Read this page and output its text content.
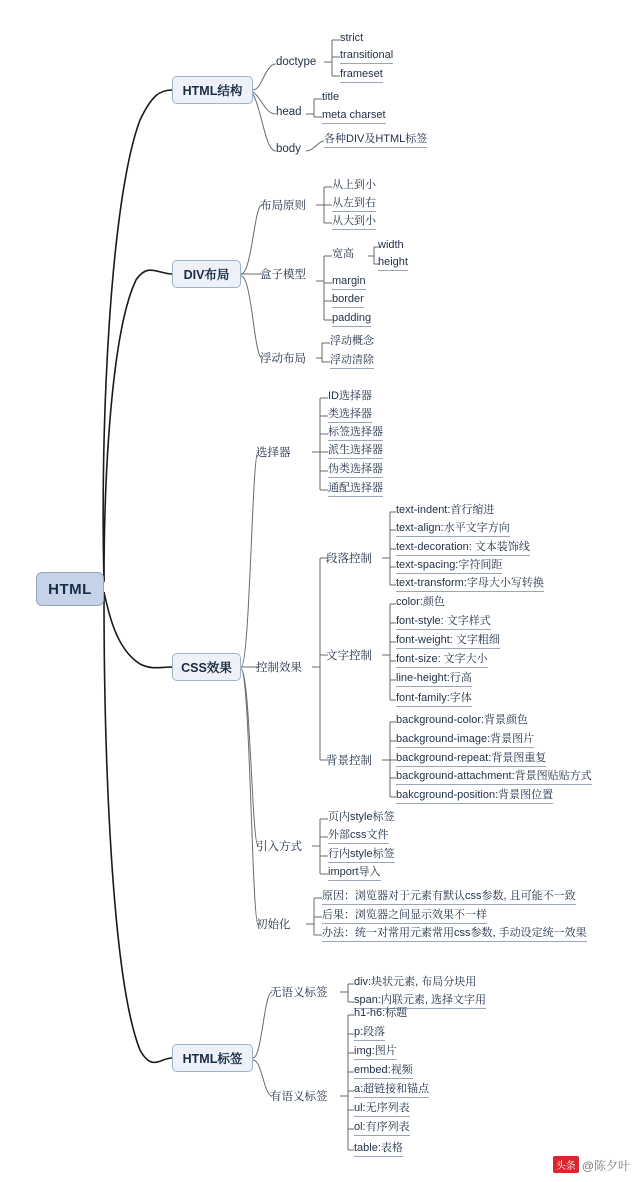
HTML
HTML结构
doctype
head
body
strict
transitional
frameset
title
meta charset
各种DIV及HTML标签
DIV布局
布局原则
盒子模型
浮动布局
从上到小
从左到右
从大到小
宽高
width
height
margin
border
padding
浮动概念
浮动清除
CSS效果
选择器
控制效果
段落控制
文字控制
背景控制
引入方式
初始化
ID选择器
类选择器
标签选择器
派生选择器
伪类选择器
通配选择器
text-indent:首行缩进
text-align:水平文字方向
text-decoration: 文本装饰线
text-spacing:字符间距
text-transform:字母大小写转换
color:颜色
font-style: 文字样式
font-weight: 文字粗细
font-size: 文字大小
line-height:行高
font-family:字体
background-color:背景颜色
background-image:背景图片
background-repeat:背景图重复
background-attachment:背景图贴贴方式
bakcground-position:背景图位置
页内style标签
外部css文件
行内style标签
import导入
原因：浏览器对于元素有默认css参数, 且可能不一致
后果：浏览器之间显示效果不一样
办法：统一对常用元素常用css参数, 手动设定统一效果
HTML标签
无语义标签
有语义标签
div:块状元素, 布局分块用
span:内联元素, 选择文字用
h1-h6:标题
p:段落
img:图片
embed:视频
a:超链接和锚点
ul:无序列表
ol:有序列表
table:表格
头条 @陈夕叶
